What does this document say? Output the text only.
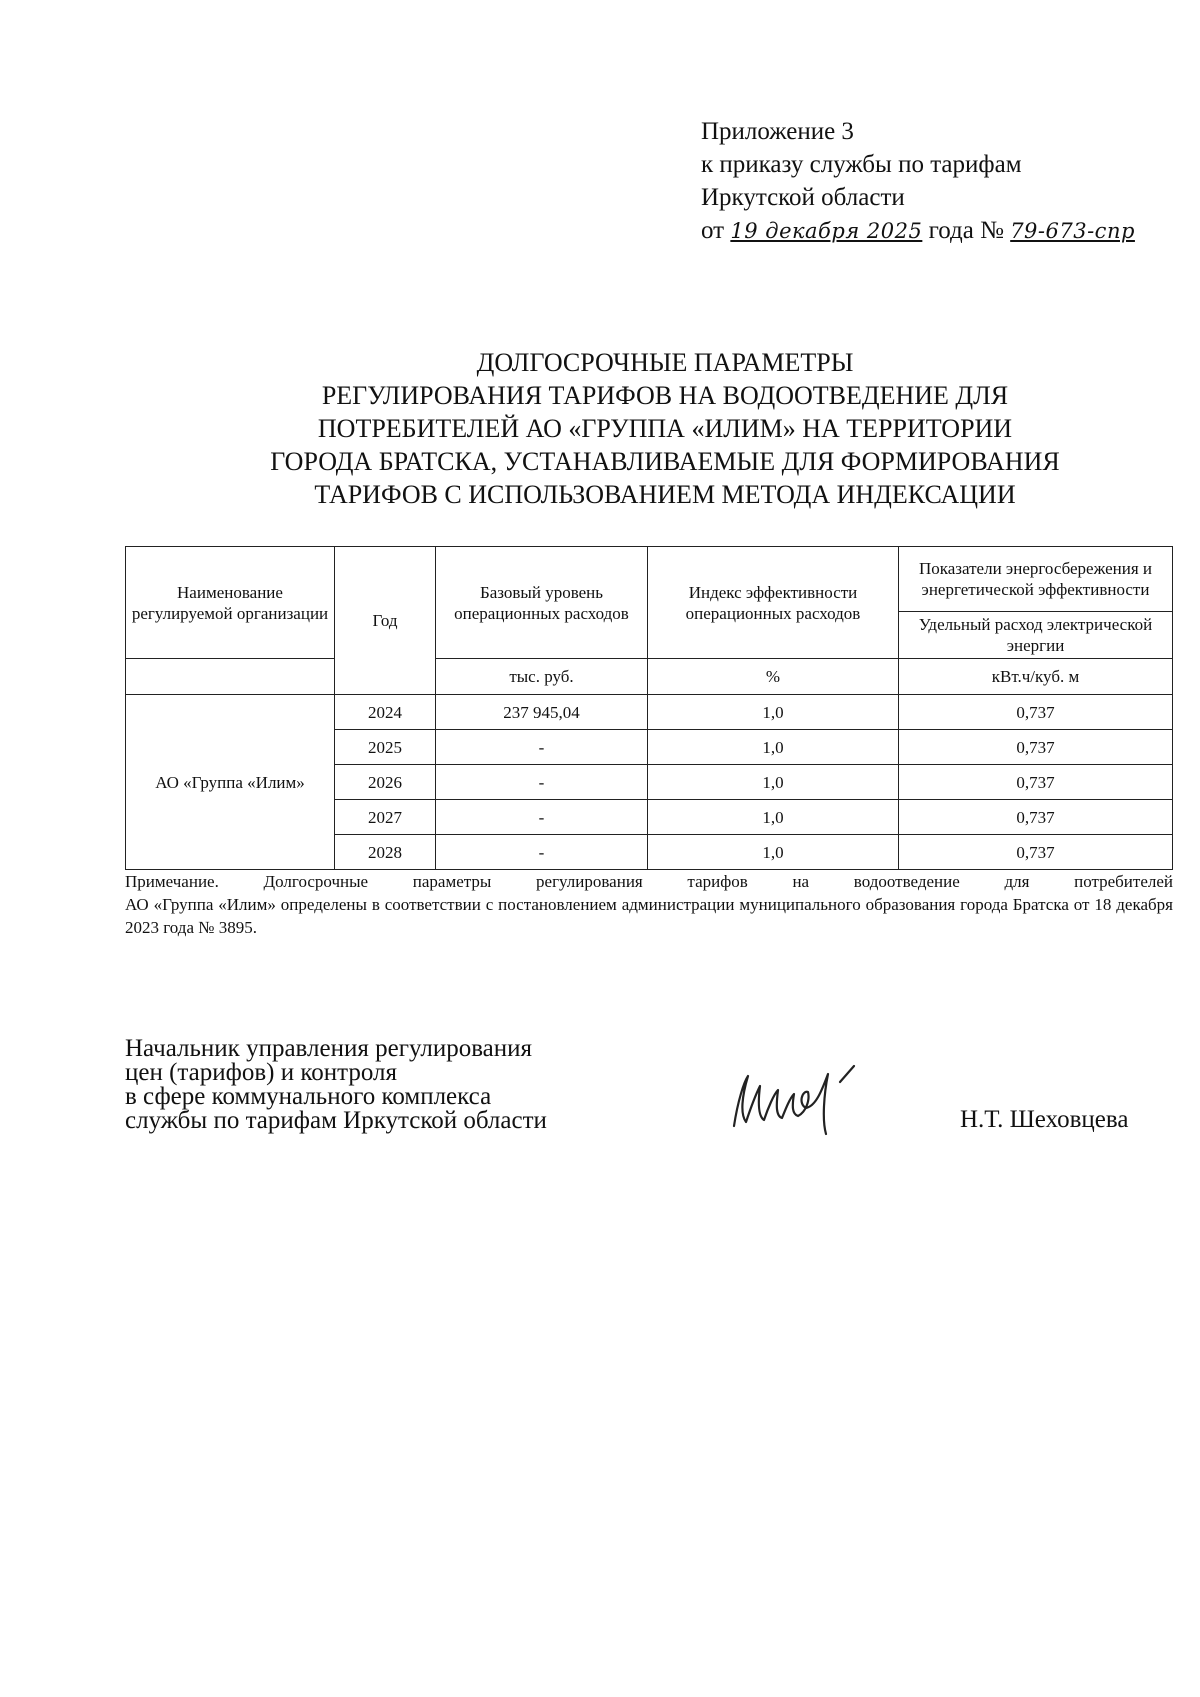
Приложение 3
к приказу службы по тарифам
Иркутской области
от 19 декабря 2025 года № 79-673-спр
ДОЛГОСРОЧНЫЕ ПАРАМЕТРЫ
РЕГУЛИРОВАНИЯ ТАРИФОВ НА ВОДООТВЕДЕНИЕ ДЛЯ
ПОТРЕБИТЕЛЕЙ АО «ГРУППА «ИЛИМ» НА ТЕРРИТОРИИ
ГОРОДА БРАТСКА, УСТАНАВЛИВАЕМЫЕ ДЛЯ ФОРМИРОВАНИЯ
ТАРИФОВ С ИСПОЛЬЗОВАНИЕМ МЕТОДА ИНДЕКСАЦИИ
Наименование регулируемой организации	Год	Базовый уровень операционных расходов	Индекс эффективности операционных расходов	Показатели энергосбережения и энергетической эффективности
				Удельный расход электрической энергии
		тыс. руб.	%	кВт.ч/куб. м
АО «Группа «Илим»	2024	237 945,04	1,0	0,737
	2025	-	1,0	0,737
	2026	-	1,0	0,737
	2027	-	1,0	0,737
	2028	-	1,0	0,737
Примечание. Долгосрочные параметры регулирования тарифов на водоотведение для потребителей
АО «Группа «Илим» определены в соответствии с постановлением администрации муниципального образования города Братска от 18 декабря 2023 года № 3895.
Начальник управления регулирования
цен (тарифов) и контроля
в сфере коммунального комплекса
службы по тарифам Иркутской области	Н.Т. Шеховцева
